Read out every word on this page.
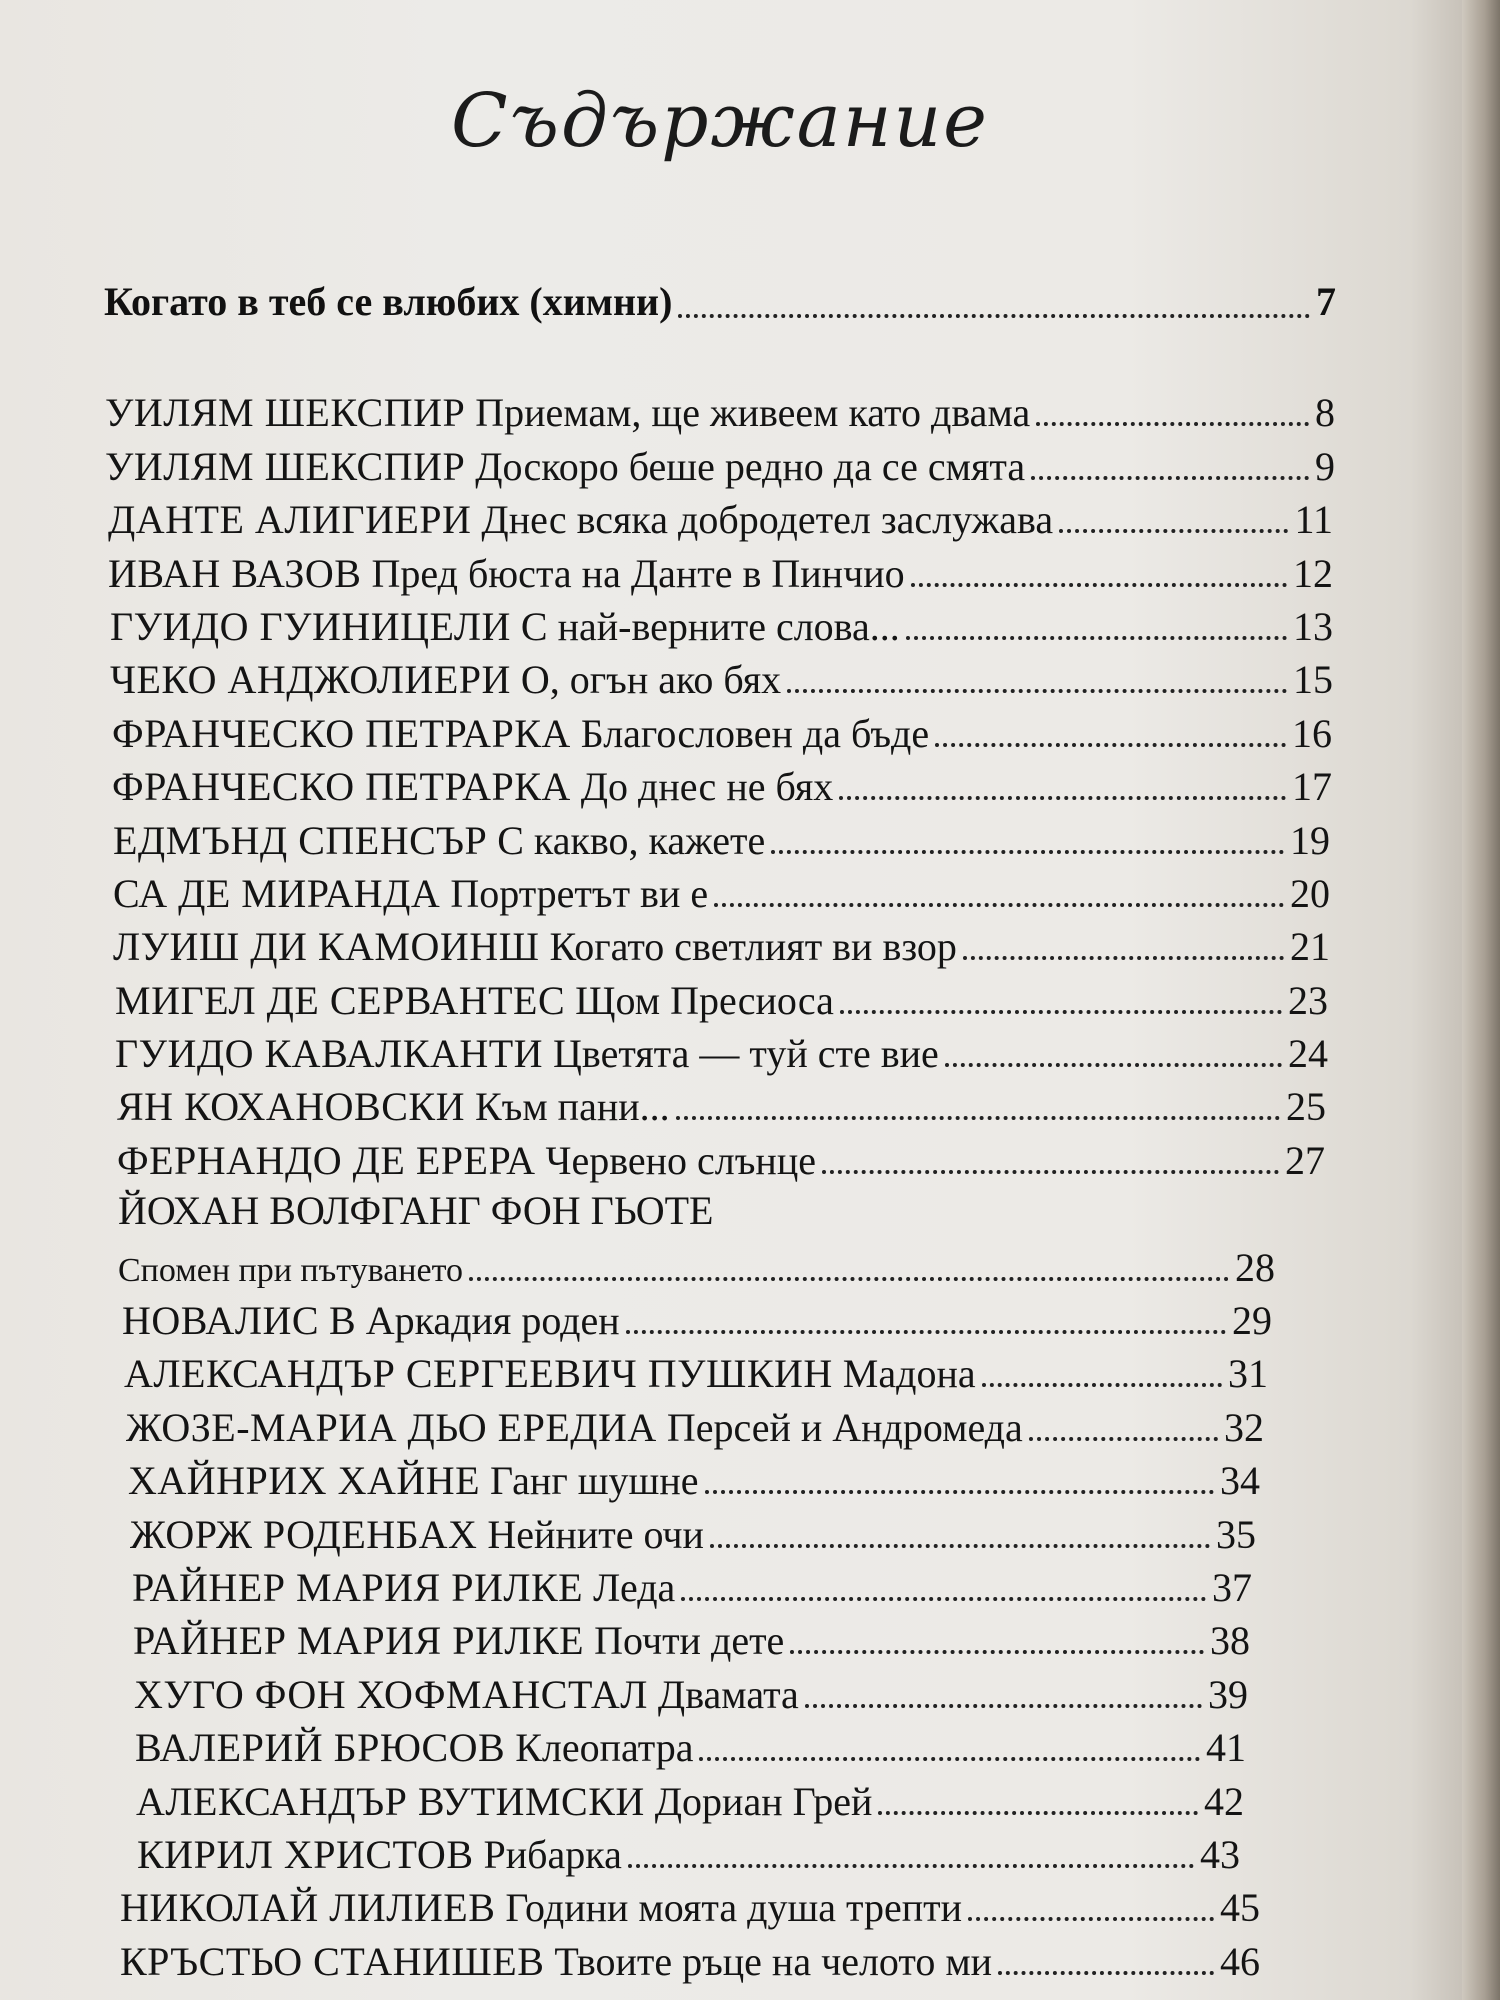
Съдържание
Когато в теб се влюбих (химни)	7
УИЛЯМ ШЕКСПИР Приемам, ще живеем като двама	8
УИЛЯМ ШЕКСПИР Доскоро беше редно да се смята	9
ДАНТЕ АЛИГИЕРИ Днес всяка добродетел заслужава	11
ИВАН ВАЗОВ Пред бюста на Данте в Пинчио	12
ГУИДО ГУИНИЦЕЛИ С най-верните слова...	13
ЧЕКО АНДЖОЛИЕРИ О, огън ако бях	15
ФРАНЧЕСКО ПЕТРАРКА Благословен да бъде	16
ФРАНЧЕСКО ПЕТРАРКА До днес не бях	17
ЕДМЪНД СПЕНСЪР С какво, кажете	19
СА ДЕ МИРАНДА Портретът ви е	20
ЛУИШ ДИ КАМОИНШ Когато светлият ви взор	21
МИГЕЛ ДЕ СЕРВАНТЕС Щом Пресиоса	23
ГУИДО КАВАЛКАНТИ Цветята — туй сте вие	24
ЯН КОХАНОВСКИ Към пани...	25
ФЕРНАНДО ДЕ ЕРЕРА Червено слънце	27
ЙОХАН ВОЛФГАНГ ФОН ГЬОТЕ
Спомен при пътуването	28
НОВАЛИС В Аркадия роден	29
АЛЕКСАНДЪР СЕРГЕЕВИЧ ПУШКИН Мадона	31
ЖОЗЕ-МАРИА ДЬО ЕРЕДИА Персей и Андромеда	32
ХАЙНРИХ ХАЙНЕ Ганг шушне	34
ЖОРЖ РОДЕНБАХ Нейните очи	35
РАЙНЕР МАРИЯ РИЛКЕ Леда	37
РАЙНЕР МАРИЯ РИЛКЕ Почти дете	38
ХУГО ФОН ХОФМАНСТАЛ Двамата	39
ВАЛЕРИЙ БРЮСОВ Клеопатра	41
АЛЕКСАНДЪР ВУТИМСКИ Дориан Грей	42
КИРИЛ ХРИСТОВ Рибарка	43
НИКОЛАЙ ЛИЛИЕВ Години моята душа трепти	45
КРЪСТЬО СТАНИШЕВ Твоите ръце на челото ми	46
